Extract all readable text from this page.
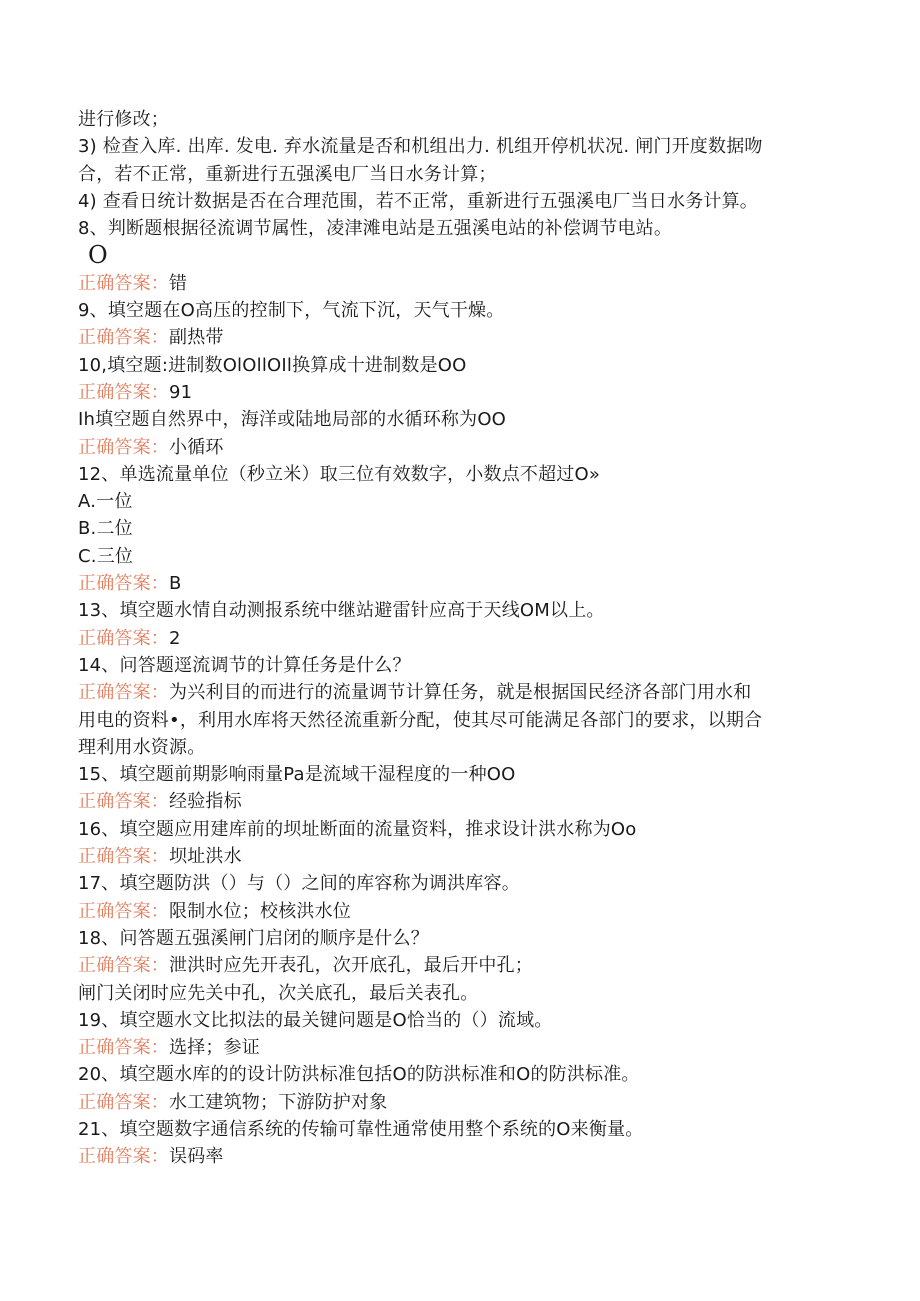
进行修改；
3) 检查入库. 出库. 发电. 弃水流量是否和机组出力. 机组开停机状况. 闸门开度数据吻
合，若不正常，重新进行五强溪电厂当日水务计算；
4) 查看日统计数据是否在合理范围，若不正常，重新进行五强溪电厂当日水务计算。
8、判断题根据径流调节属性，凌津滩电站是五强溪电站的补偿调节电站。
O
正确答案：错
9、填空题在O高压的控制下，气流下沉，天气干燥。
正确答案：副热带
10,填空题:进制数OlOllOIl换算成十进制数是OO
正确答案：91
Ih填空题自然界中，海洋或陆地局部的水循环称为OO
正确答案：小循环
12、单选流量单位（秒立米）取三位有效数字，小数点不超过O»
A.一位
B.二位
C.三位
正确答案：B
13、填空题水情自动测报系统中继站避雷针应高于天线OM以上。
正确答案：2
14、问答题逕流调节的计算任务是什么？
正确答案：为兴利目的而进行的流量调节计算任务，就是根据国民经济各部门用水和
用电的资料•，利用水库将天然径流重新分配，使其尽可能满足各部门的要求，以期合
理利用水资源。
15、填空题前期影响雨量Pa是流域干湿程度的一种OO
正确答案：经验指标
16、填空题应用建库前的坝址断面的流量资料，推求设计洪水称为Oo
正确答案：坝址洪水
17、填空题防洪（）与（）之间的库容称为调洪库容。
正确答案：限制水位；校核洪水位
18、问答题五强溪闸门启闭的顺序是什么？
正确答案：泄洪时应先开表孔，次开底孔，最后开中孔；
闸门关闭时应先关中孔，次关底孔，最后关表孔。
19、填空题水文比拟法的最关键问题是O恰当的（）流域。
正确答案：选择；参证
20、填空题水库的的设计防洪标准包括O的防洪标准和O的防洪标准。
正确答案：水工建筑物；下游防护对象
21、填空题数字通信系统的传输可靠性通常使用整个系统的O来衡量。
正确答案：误码率
